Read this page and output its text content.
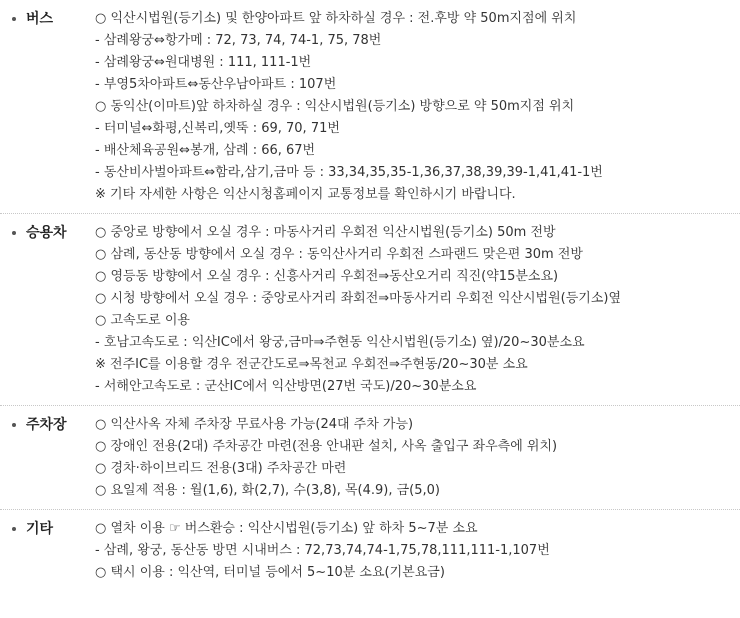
버스	○ 익산시법원(등기소) 및 한양아파트 앞 하차하실 경우 : 전.후방 약 50m지점에 위치
- 삼례왕궁⇔항가메 : 72, 73, 74, 74-1, 75, 78번
- 삼례왕궁⇔원대병원 : 111, 111-1번
- 부영5차아파트⇔동산우남아파트 : 107번
○ 동익산(이마트)앞 하차하실 경우 : 익산시법원(등기소) 방향으로 약 50m지점 위치
- 터미널⇔화평,신복리,옛뚝 : 69, 70, 71번
- 배산체육공원⇔봉개, 삼례 : 66, 67번
- 동산비사벌아파트⇔함라,삼기,금마 등 : 33,34,35,35-1,36,37,38,39,39-1,41,41-1번
※ 기타 자세한 사항은 익산시청홈페이지 교통정보를 확인하시기 바랍니다.
승용차 ○ 중앙로 방향에서 오실 경우 : 마동사거리 우회전 익산시법원(등기소) 50m 전방
○ 삼례, 동산동 방향에서 오실 경우 : 동익산사거리 우회전 스파랜드 맞은편 30m 전방
○ 영등동 방향에서 오실 경우 : 신흥사거리 우회전⇒동산오거리 직진(약15분소요)
○ 시청 방향에서 오실 경우 : 중앙로사거리 좌회전⇒마동사거리 우회전 익산시법원(등기소)옆
○ 고속도로 이용
- 호남고속도로 : 익산IC에서 왕궁,금마⇒주현동 익산시법원(등기소) 옆)/20~30분소요
※ 전주IC를 이용할 경우 전군간도로⇒목천교 우회전⇒주현동/20~30분 소요
- 서해안고속도로 : 군산IC에서 익산방면(27번 국도)/20~30분소요
주차장 ○ 익산사옥 자체 주차장 무료사용 가능(24대 주차 가능)
○ 장애인 전용(2대) 주차공간 마련(전용 안내판 설치, 사옥 출입구 좌우측에 위치)
○ 경차·하이브리드 전용(3대) 주차공간 마련
○ 요일제 적용 : 월(1,6), 화(2,7), 수(3,8), 목(4.9), 금(5,0)
기타	○ 열차 이용 ☞ 버스환승 : 익산시법원(등기소) 앞 하차 5~7분 소요
- 삼례, 왕궁, 동산동 방면 시내버스 : 72,73,74,74-1,75,78,111,111-1,107번
○ 택시 이용 : 익산역, 터미널 등에서 5~10분 소요(기본요금)
